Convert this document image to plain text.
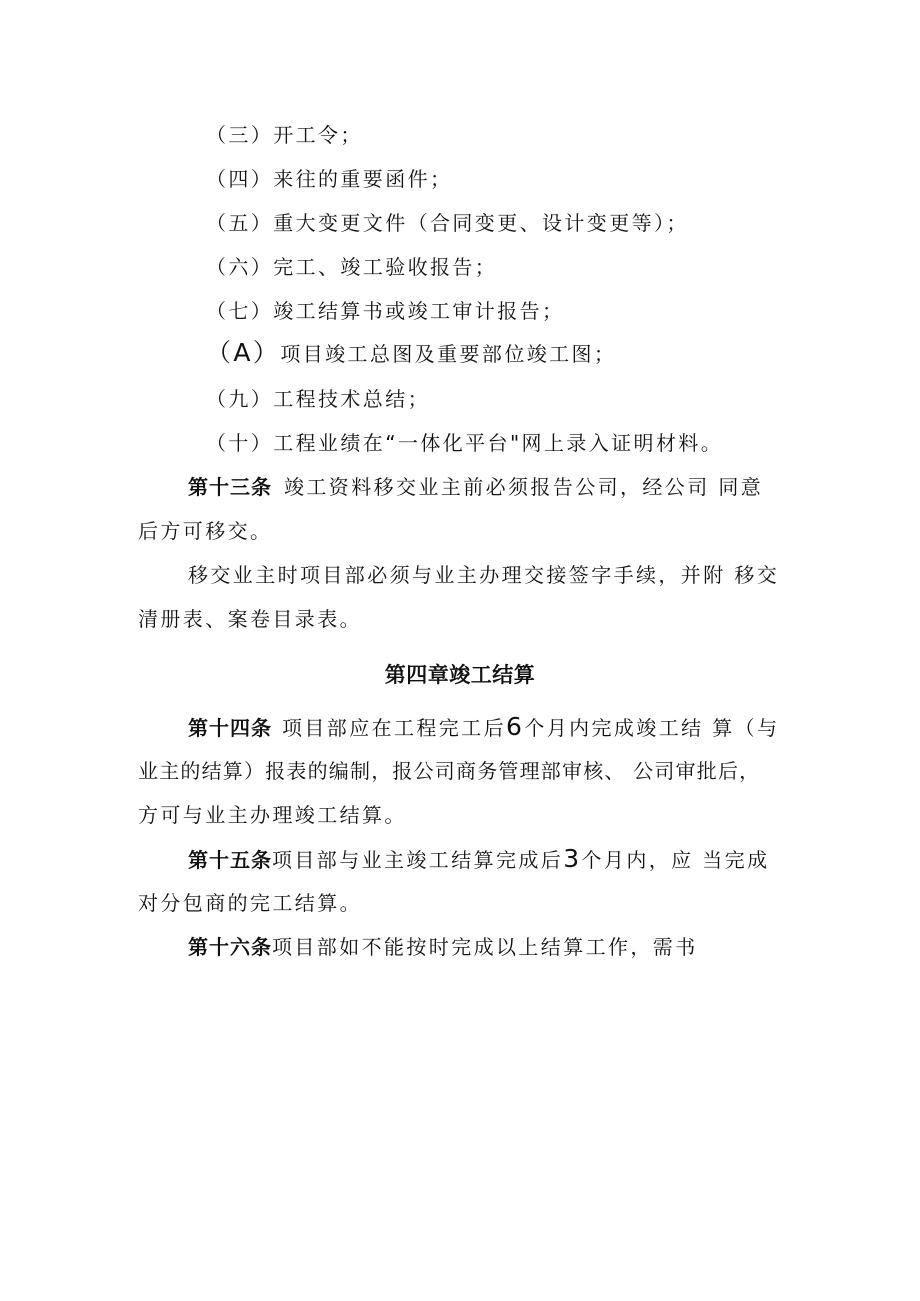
（三）开工令；
（四）来往的重要函件；
（五）重大变更文件（合同变更、设计变更等）；
（六）完工、竣工验收报告；
（七）竣工结算书或竣工审计报告；
（A）项目竣工总图及重要部位竣工图；
（九）工程技术总结；
（十）工程业绩在“一体化平台"网上录入证明材料。
第十三条 竣工资料移交业主前必须报告公司，经公司 同意
后方可移交。
移交业主时项目部必须与业主办理交接签字手续，并附 移交
清册表、案卷目录表。
第四章竣工结算
第十四条 项目部应在工程完工后6个月内完成竣工结 算（与
业主的结算）报表的编制，报公司商务管理部审核、 公司审批后，
方可与业主办理竣工结算。
第十五条项目部与业主竣工结算完成后3个月内，应 当完成
对分包商的完工结算。
第十六条项目部如不能按时完成以上结算工作，需书
